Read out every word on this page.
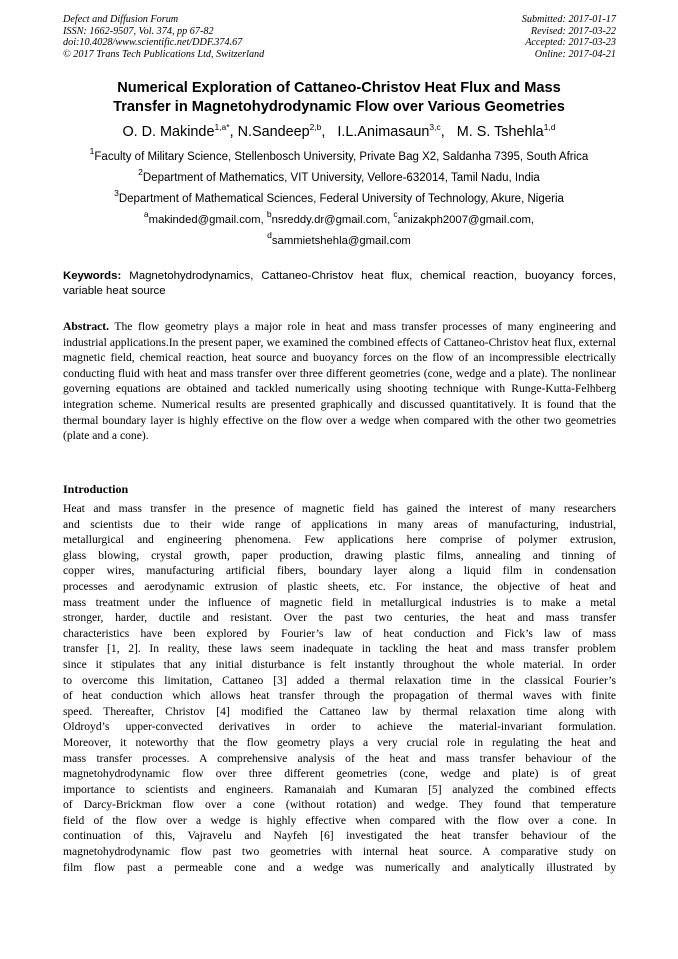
Defect and Diffusion Forum
ISSN: 1662-9507, Vol. 374, pp 67-82
doi:10.4028/www.scientific.net/DDF.374.67
© 2017 Trans Tech Publications Ltd, Switzerland
Submitted: 2017-01-17
Revised: 2017-03-22
Accepted: 2017-03-23
Online: 2017-04-21
Numerical Exploration of Cattaneo-Christov Heat Flux and Mass
Transfer in Magnetohydrodynamic Flow over Various Geometries
O. D. Makinde$^{1,a*}$, N.Sandeep$^{2,b}$,   I.L.Animasaun$^{3,c}$,   M. S. Tshehla$^{1,d}$
$^1$Faculty of Military Science, Stellenbosch University, Private Bag X2, Saldanha 7395, South Africa
$^2$Department of Mathematics, VIT University, Vellore-632014, Tamil Nadu, India
$^3$Department of Mathematical Sciences, Federal University of Technology, Akure, Nigeria
$^a$makinded@gmail.com, $^b$nsreddy.dr@gmail.com, $^c$anizakph2007@gmail.com,
$^d$sammietshehla@gmail.com
Keywords: Magnetohydrodynamics, Cattaneo-Christov heat flux, chemical reaction, buoyancy forces, variable heat source
Abstract. The flow geometry plays a major role in heat and mass transfer processes of many engineering and industrial applications.In the present paper, we examined the combined effects of Cattaneo-Christov heat flux, external magnetic field, chemical reaction, heat source and buoyancy forces on the flow of an incompressible electrically conducting fluid with heat and mass transfer over three different geometries (cone, wedge and a plate). The nonlinear governing equations are obtained and tackled numerically using shooting technique with Runge-Kutta-Felhberg integration scheme. Numerical results are presented graphically and discussed quantitatively. It is found that the thermal boundary layer is highly effective on the flow over a wedge when compared with the other two geometries (plate and a cone).
Introduction
Heat and mass transfer in the presence of magnetic field has gained the interest of many researchers
and scientists due to their wide range of applications in many areas of manufacturing, industrial,
metallurgical and engineering phenomena. Few applications here comprise of polymer extrusion,
glass blowing, crystal growth, paper production, drawing plastic films, annealing and tinning of
copper wires, manufacturing artificial fibers, boundary layer along a liquid film in condensation
processes and aerodynamic extrusion of plastic sheets, etc. For instance, the objective of heat and
mass treatment under the influence of magnetic field in metallurgical industries is to make a metal
stronger, harder, ductile and resistant. Over the past two centuries, the heat and mass transfer
characteristics have been explored by Fourier’s law of heat conduction and Fick’s law of mass
transfer [1, 2]. In reality, these laws seem inadequate in tackling the heat and mass transfer problem
since it stipulates that any initial disturbance is felt instantly throughout the whole material. In order
to overcome this limitation, Cattaneo [3] added a thermal relaxation time in the classical Fourier’s
of heat conduction which allows heat transfer through the propagation of thermal waves with finite
speed. Thereafter, Christov [4] modified the Cattaneo law by thermal relaxation time along with
Oldroyd’s upper-convected derivatives in order to achieve the material-invariant formulation.
Moreover, it noteworthy that the flow geometry plays a very crucial role in regulating the heat and
mass transfer processes. A comprehensive analysis of the heat and mass transfer behaviour of the
magnetohydrodynamic flow over three different geometries (cone, wedge and plate) is of great
importance to scientists and engineers. Ramanaiah and Kumaran [5] analyzed the combined effects
of Darcy-Brickman flow over a cone (without rotation) and wedge. They found that temperature
field of the flow over a wedge is highly effective when compared with the flow over a cone. In
continuation of this, Vajravelu and Nayfeh [6] investigated the heat transfer behaviour of the
magnetohydrodynamic flow past two geometries with internal heat source. A comparative study on
film flow past a permeable cone and a wedge was numerically and analytically illustrated by
